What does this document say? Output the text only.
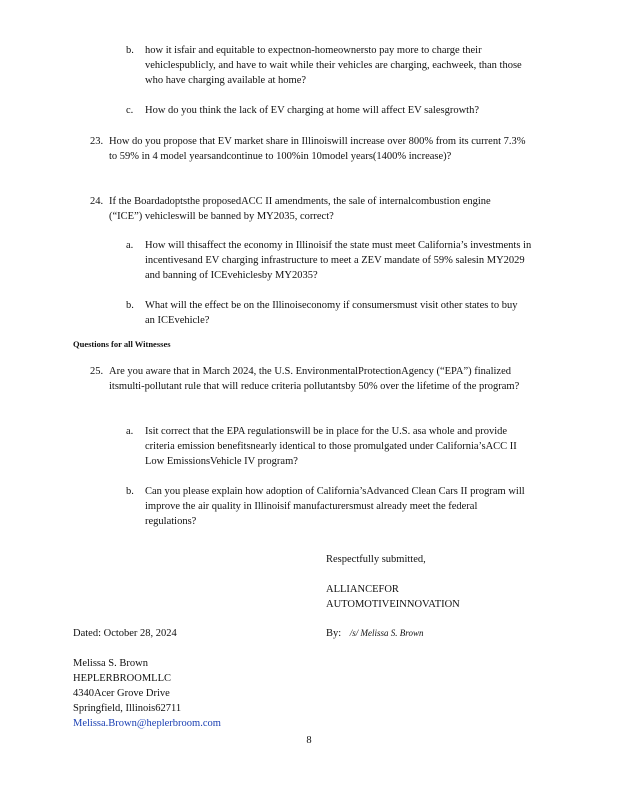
b. how it isfair and equitable to expectnon-homeownersto pay more to charge their vehiclespublicly, and have to wait while their vehicles are charging, eachweek, than those who have charging available at home?
c. How do you think the lack of EV charging at home will affect EV salesgrowth?
23. How do you propose that EV market share in Illinoiswill increase over 800% from its current 7.3% to 59% in 4 model yearsandcontinue to 100%in 10model years(1400% increase)?
24. If the Boardadoptsthe proposedACC II amendments, the sale of internalcombustion engine (“ICE”) vehicleswill be banned by MY2035, correct?
a. How will thisaffect the economy in Illinoisif the state must meet California’s investments in incentivesand EV charging infrastructure to meet a ZEV mandate of 59% salesin MY2029 and banning of ICEvehiclesby MY2035?
b. What will the effect be on the Illinoiseconomy if consumersmust visit other states to buy an ICEvehicle?
Questions for all Witnesses
25. Are you aware that in March 2024, the U.S. EnvironmentalProtectionAgency (“EPA”) finalized itsmulti-pollutant rule that will reduce criteria pollutantsby 50% over the lifetime of the program?
a. Isit correct that the EPA regulationswill be in place for the U.S. asa whole and provide criteria emission benefitsnearly identical to those promulgated under California’sACC II Low EmissionsVehicle IV program?
b. Can you please explain how adoption of California’sAdvanced Clean Cars II program will improve the air quality in Illinoisif manufacturersmust already meet the federal regulations?
Respectfully submitted,
ALLIANCEFOR
AUTOMOTIVEINNOVATION
Dated: October 28, 2024	By: /s/ Melissa S. Brown
Melissa S. Brown
HEPLERBROOMLLC
4340Acer Grove Drive
Springfield, Illinois62711
Melissa.Brown@heplerbroom.com
8
